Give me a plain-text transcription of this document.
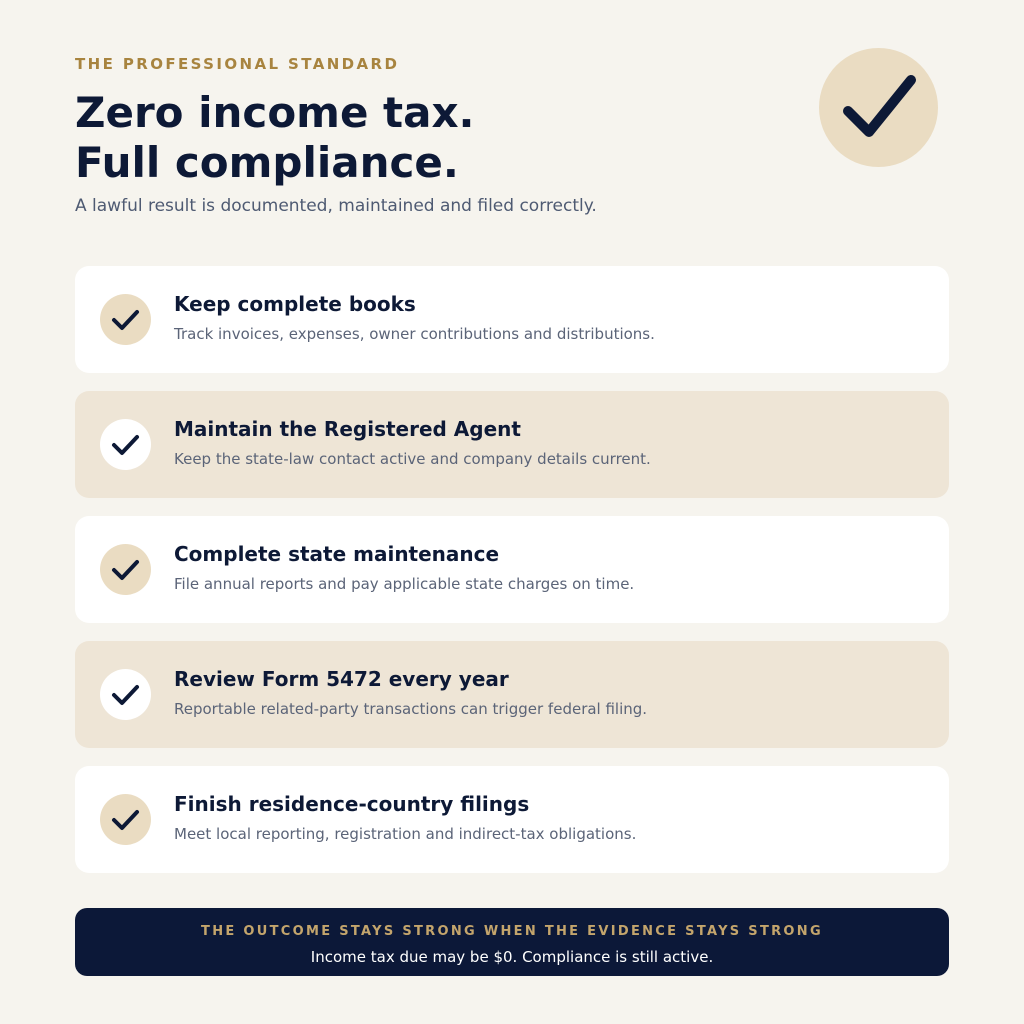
THE PROFESSIONAL STANDARD

Zero income tax.
Full compliance.

A lawful result is documented, maintained and filed correctly.

Keep complete books

Track invoices, expenses, owner contributions and distributions.

Maintain the Registered Agent

Keep the state-law contact active and company details current.

Complete state maintenance

File annual reports and pay applicable state charges on time.

Review Form 5472 every year

Reportable related-party transactions can trigger federal filing.

Finish residence-country filings

Meet local reporting, registration and indirect-tax obligations.

THE OUTCOME STAYS STRONG WHEN THE EVIDENCE STAYS STRONG
Income tax due may be $0. Compliance is still active.
